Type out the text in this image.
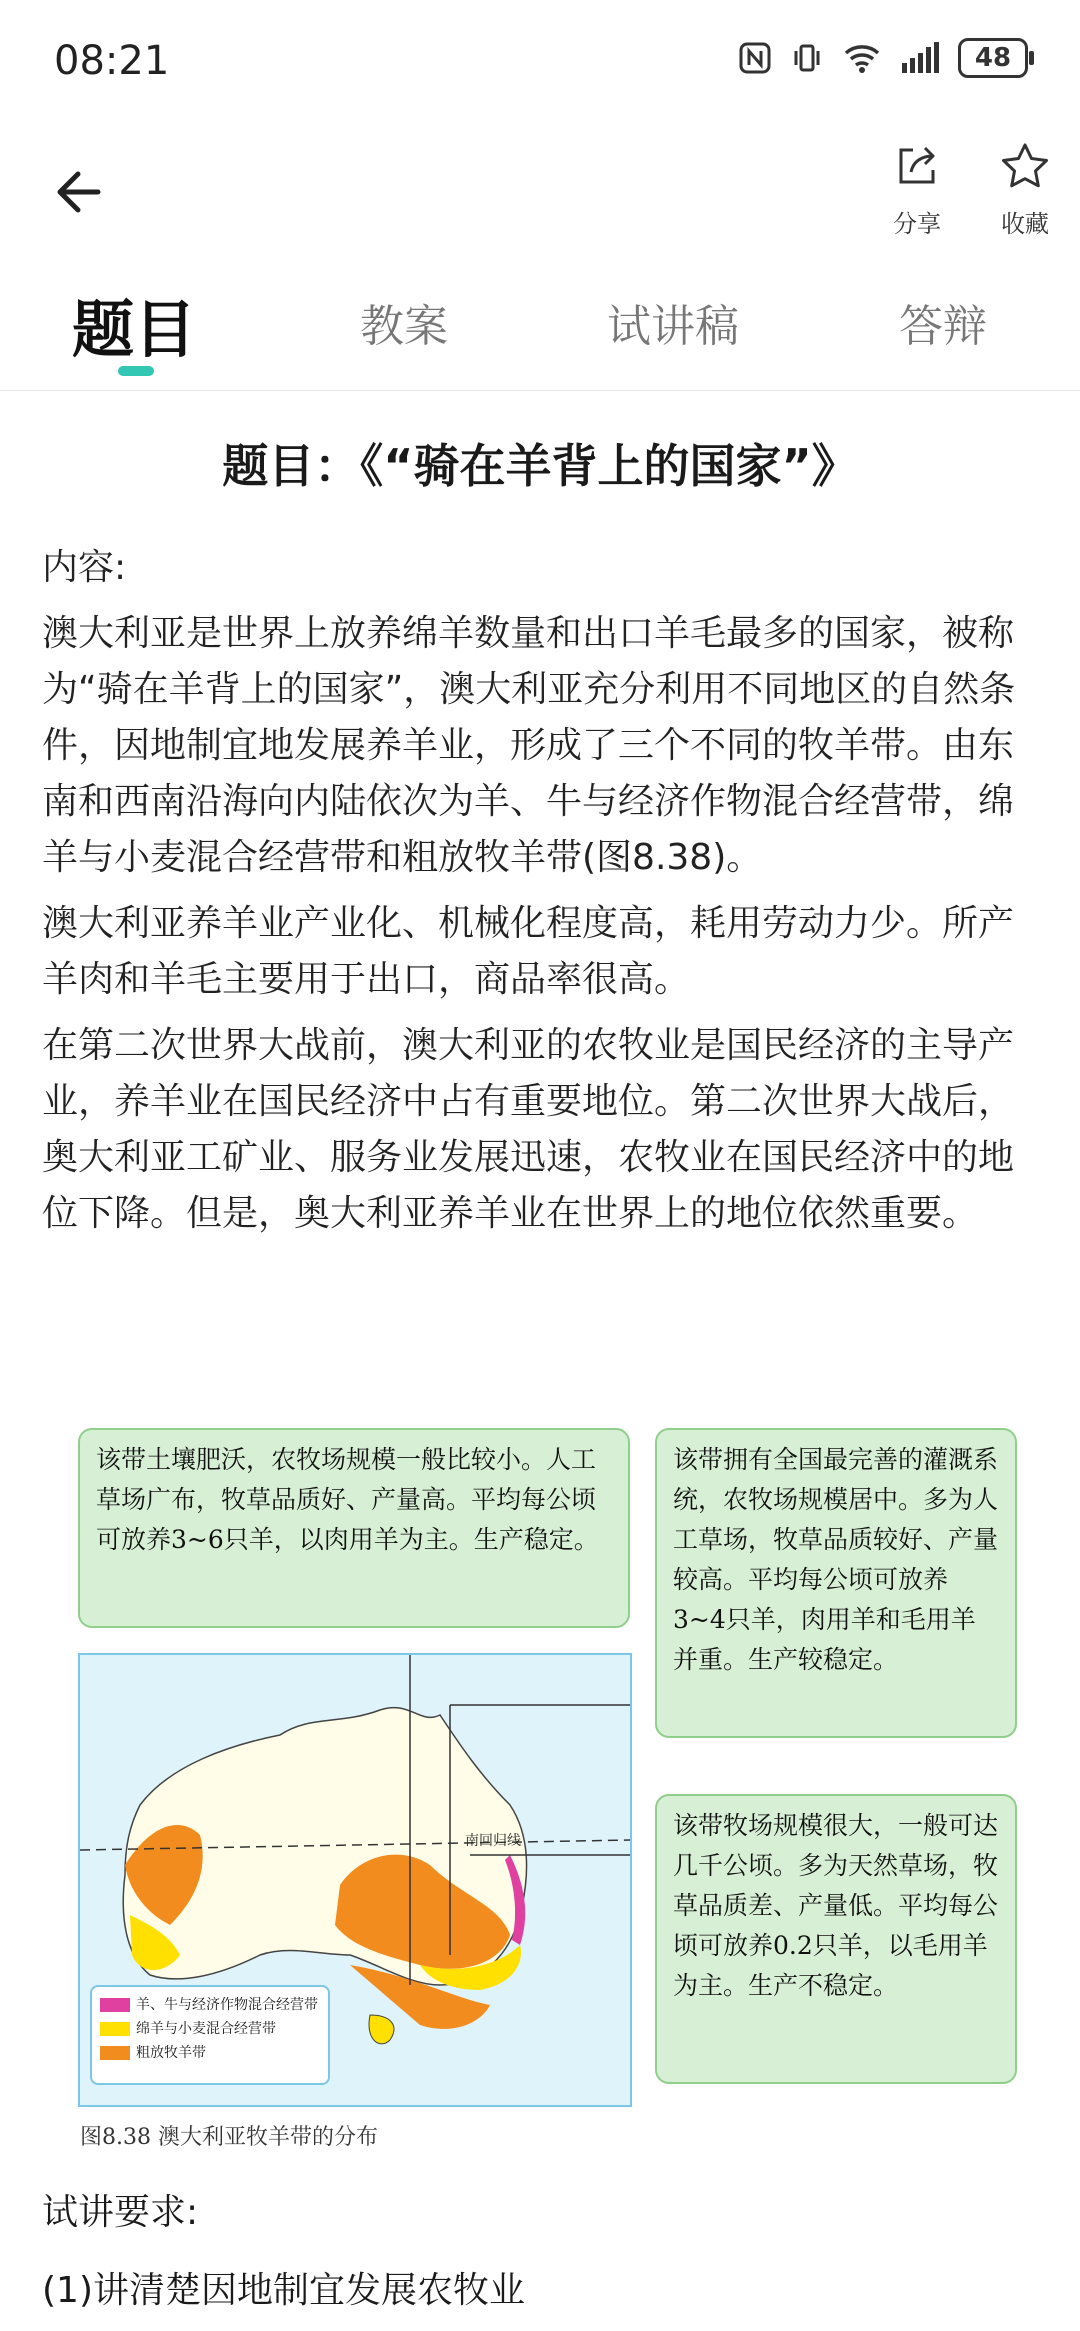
08:21	48
分享	收藏
题目	教案	试讲稿	答辩
题目：《“骑在羊背上的国家”》
内容:
澳大利亚是世界上放养绵羊数量和出口羊毛最多的国家，被称为“骑在羊背上的国家”，澳大利亚充分利用不同地区的自然条件，因地制宜地发展养羊业，形成了三个不同的牧羊带。由东南和西南沿海向内陆依次为羊、牛与经济作物混合经营带，绵羊与小麦混合经营带和粗放牧羊带(图8.38)。
澳大利亚养羊业产业化、机械化程度高，耗用劳动力少。所产羊肉和羊毛主要用于出口，商品率很高。
在第二次世界大战前，澳大利亚的农牧业是国民经济的主导产业，养羊业在国民经济中占有重要地位。第二次世界大战后，奥大利亚工矿业、服务业发展迅速，农牧业在国民经济中的地位下降。但是，奥大利亚养羊业在世界上的地位依然重要。
该带土壤肥沃，农牧场规模一般比较小。人工草场广布，牧草品质好、产量高。平均每公顷可放养3~6只羊，以肉用羊为主。生产稳定。
该带拥有全国最完善的灌溉系统，农牧场规模居中。多为人工草场，牧草品质较好、产量较高。平均每公顷可放养3~4只羊，肉用羊和毛用羊并重。生产较稳定。
该带牧场规模很大，一般可达几千公顷。多为天然草场，牧草品质差、产量低。平均每公顷可放养0.2只羊，以毛用羊为主。生产不稳定。
南回归线
羊、牛与经济作物混合经营带
绵羊与小麦混合经营带
粗放牧羊带
图8.38 澳大利亚牧羊带的分布
试讲要求:
(1)讲清楚因地制宜发展农牧业
